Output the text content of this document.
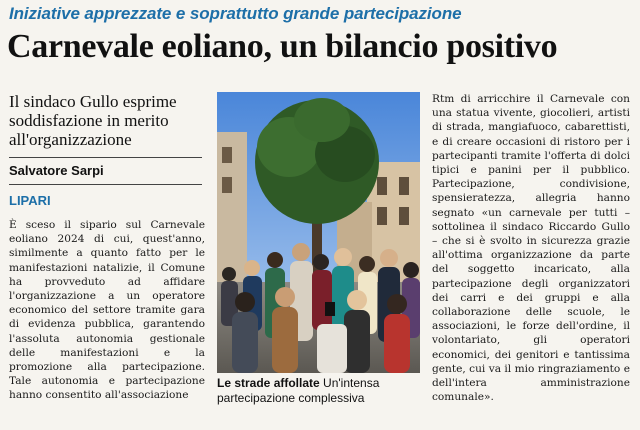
Iniziative apprezzate e soprattutto grande partecipazione
Carnevale eoliano, un bilancio positivo
Il sindaco Gullo esprime soddisfazione in merito all'organizzazione
Salvatore Sarpi
LIPARI
È sceso il sipario sul Carnevale eoliano 2024 di cui, quest'anno, similmente a quanto fatto per le manifestazioni natalizie, il Comune ha provveduto ad affidare l'organizzazione a un operatore economico del settore tramite gara di evidenza pubblica, garantendo l'assoluta autonomia gestionale delle manifestazioni e la promozione alla partecipazione. Tale autonomia e partecipazione hanno consentito all'associazione
Le strade affollate Un'intensa partecipazione complessiva
Rtm di arricchire il Carnevale con una statua vivente, giocolieri, artisti di strada, mangiafuoco, cabarettisti, e di creare occasioni di ristoro per i partecipanti tramite l'offerta di dolci tipici e panini per il pubblico. Partecipazione, condivisione, spensieratezza, allegria hanno segnato «un carnevale per tutti – sottolinea il sindaco Riccardo Gullo – che si è svolto in sicurezza grazie all'ottima organizzazione da parte del soggetto incaricato, alla partecipazione degli organizzatori dei carri e dei gruppi e alla collaborazione delle scuole, le associazioni, le forze dell'ordine, il volontariato, gli operatori economici, dei genitori e tantissima gente, cui va il mio ringraziamento e dell'intera amministrazione comunale».
